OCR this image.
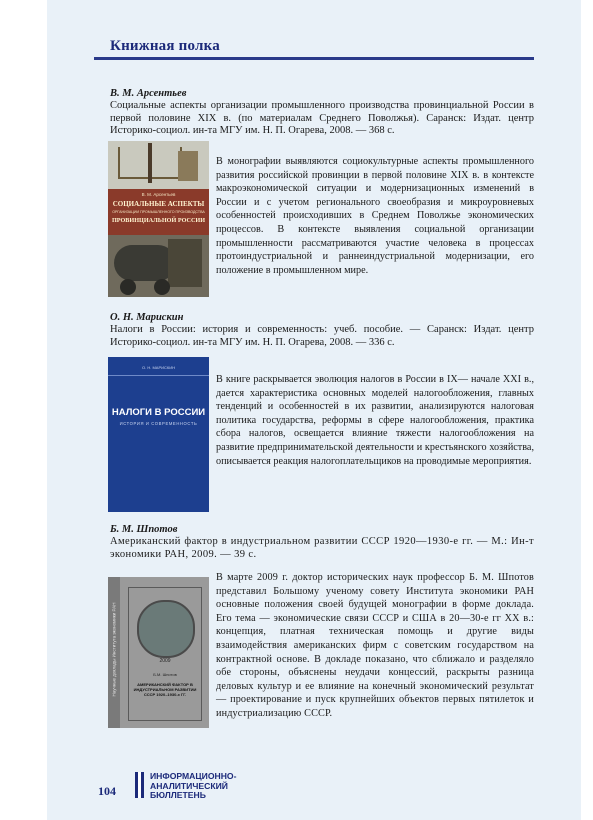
Книжная полка
В. М. Арсентьев
Социальные аспекты организации промышленного производства провинциальной России в первой половине XIX в. (по материалам Среднего Поволжья). Саранск: Издат. центр Историко-социол. ин-та МГУ им. Н. П. Огарева, 2008. — 368 с.
В. М. Арсентьев
СОЦИАЛЬНЫЕ АСПЕКТЫ
ОРГАНИЗАЦИИ ПРОМЫШЛЕННОГО ПРОИЗВОДСТВА
ПРОВИНЦИАЛЬНОЙ РОССИИ
В монографии выявляются социокультурные аспекты промышленного развития российской провинции в первой половине XIX в. в контексте макроэкономической ситуации и модернизационных изменений в России и с учетом регионального своеобразия и микроуровневых особенностей происходивших в Среднем Поволжье экономических процессов. В контексте выявления социальной организации промышленности рассматриваются участие человека в процессах протоиндустриальной и раннеиндустриальной модернизации, его положение в промышленном мире.
О. Н. Марискин
Налоги в России: история и современность: учеб. пособие. — Саранск: Издат. центр Историко-социол. ин-та МГУ им. Н. П. Огарева, 2008. — 336 с.
О. Н. МАРИСКИН
НАЛОГИ В РОССИИ
ИСТОРИЯ И СОВРЕМЕННОСТЬ
В книге раскрывается эволюция налогов в России в IX— начале XXI в., дается характеристика основных моделей налогообложения, главных тенденций и особенностей в их развитии, анализируются налоговая политика государства, реформы в сфере налогообложения, практика сбора налогов, освещается влияние тяжести налогообложения на развитие предпринимательской деятельности и крестьянского хозяйства, описывается реакция налогоплательщиков на проводимые мероприятия.
Б. М. Шпотов
Американский фактор в индустриальном развитии СССР 1920—1930-е гг. — М.: Ин-т экономики РАН, 2009. — 39 с.
Научные доклады Института экономики РАН	2009
Б.М. Шпотов
АМЕРИКАНСКИЙ ФАКТОР В ИНДУСТРИАЛЬНОМ РАЗВИТИИ СССР 1920–1930-х ГГ.
В марте 2009 г. доктор исторических наук профессор Б. М. Шпотов представил Большому ученому совету Института экономики РАН основные положения своей будущей монографии в форме доклада. Его тема — экономические связи СССР и США в 20—30-е гг XX в.: концепция, платная техническая помощь и другие виды взаимодействия американских фирм с советским государством на контрактной основе. В докладе показано, что сближало и разделяло обе стороны, объяснены неудачи концессий, раскрыты разница деловых культур и ее влияние на конечный экономический результат — проектирование и пуск крупнейших объектов первых пятилеток и индустриализацию СССР.
104
ИНФОРМАЦИОННО-
АНАЛИТИЧЕСКИЙ
БЮЛЛЕТЕНЬ
